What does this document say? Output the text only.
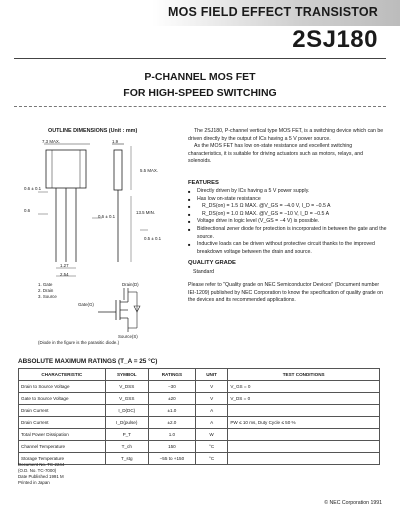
MOS FIELD EFFECT TRANSISTOR
2SJ180
P-CHANNEL MOS FET
FOR HIGH-SPEED SWITCHING
OUTLINE DIMENSIONS (Unit : mm)
7.3 MAX.	1.9
5.5 MAX.
0.6 ± 0.1
0.6
0.6 ± 0.1
13.5 MIN.
0.5 ± 0.1
1.27
2.54
1. Gate
2. Drain
3. Source
Drain(D)
Gate(G)
Source(S)
(Diode in the figure is the parasitic diode.)
The 2SJ180, P-channel vertical type MOS FET, is a switching device which can be driven directly by the output of ICs having a 5 V power source.
As the MOS FET has low on-state resistance and excellent switching characteristics, it is suitable for driving actuators such as motors, relays, and solenoids.
FEATURES
■ Directly driven by ICs having a 5 V power supply.
■ Has low on-state resistance
■ R_DS(on) = 1.5 Ω MAX. @V_GS = −4.0 V, I_D = −0.5 A
■ R_DS(on) = 1.0 Ω MAX. @V_GS = −10 V, I_D = −0.5 A
■ Voltage drive in logic level (V_GS = −4 V) is possible.
■ Bidirectional zener diode for protection is incorporated in between the gate and the source.
■ Inductive loads can be driven without protective circuit thanks to the improved breakdown voltage between the drain and source.
QUALITY GRADE
Standard
Please refer to "Quality grade on NEC Semiconductor Devices" (Document number IEI-1209) published by NEC Corporation to know the specification of quality grade on the devices and its recommended applications.
ABSOLUTE MAXIMUM RATINGS (T_A = 25 °C)
CHARACTERISTIC	SYMBOL	RATINGS	UNIT	TEST CONDITIONS
Drain to Source Voltage	V_DSS	−30	V	V_GS = 0
Gate to Source Voltage	V_GSS	±20	V	V_DS = 0
Drain Current	I_D(DC)	±1.0	A	
Drain Current	I_D(pulse)	±2.0	A	PW ≤ 10 ms, Duty Cycle ≤ 50 %
Total Power Dissipation	P_T	1.0	W	
Channel Temperature	T_ch	150	°C	
Storage Temperature	T_stg	−55 to +150	°C	
Document No. TC-2244
(O.D. No. TC-7000)
Date Published 1991 M
Printed in Japan
© NEC Corporation 1991
